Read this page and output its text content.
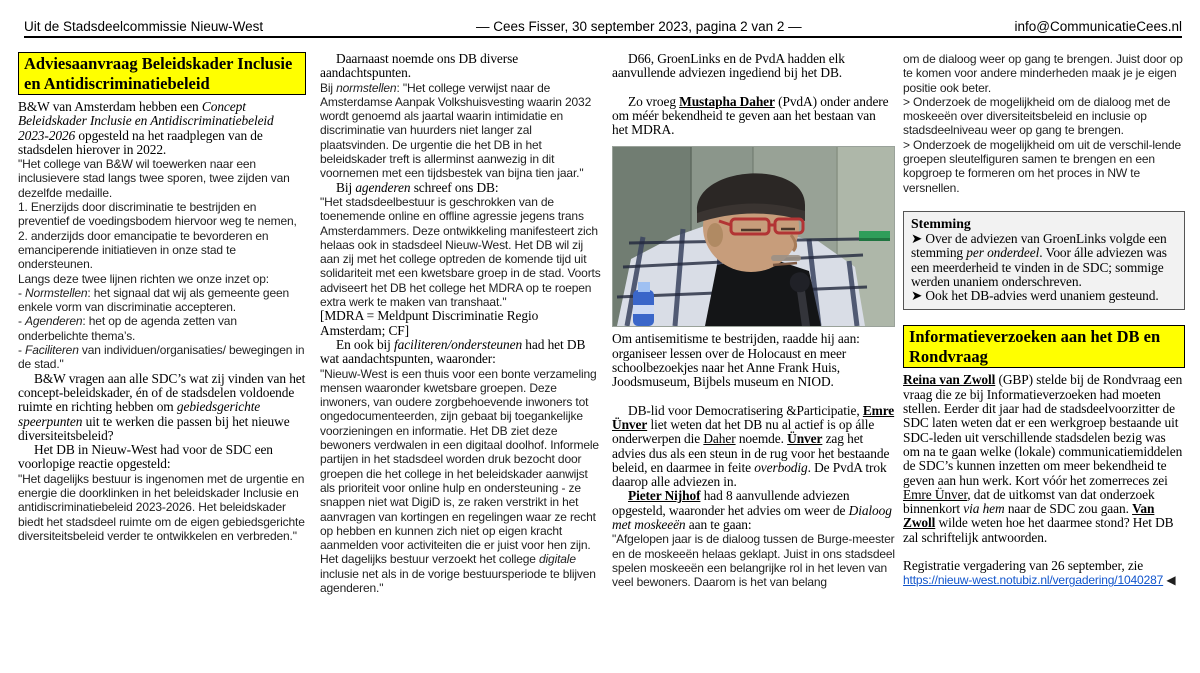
Uit de Stadsdeelcommissie Nieuw-West	— Cees Fisser, 30 september 2023, pagina 2 van 2 —	info@CommunicatieCees.nl
Adviesaanvraag Beleidskader Inclusie en Antidiscriminatiebeleid

B&W van Amsterdam hebben een Concept Beleidskader Inclusie en Antidiscriminatiebeleid 2023-2026 opgesteld na het raadplegen van de stadsdelen hierover in 2022.

"Het college van B&W wil toewerken naar een inclusievere stad langs twee sporen, twee zijden van dezelfde medaille.

1. Enerzijds door discriminatie te bestrijden en preventief de voedingsbodem hiervoor weg te nemen,

2. anderzijds door emancipatie te bevorderen en emanciperende initiatieven in onze stad te ondersteunen.

Langs deze twee lijnen richten we onze inzet op:

- Normstellen: het signaal dat wij als gemeente geen enkele vorm van discriminatie accepteren.

- Agenderen: het op de agenda zetten van onderbelichte thema’s.

- Faciliteren van individuen/organisaties/ bewegingen in de stad."

B&W vragen aan alle SDC’s wat zij vinden van het concept-beleidskader, én of de stadsdelen voldoende ruimte en richting hebben om gebiedsgerichte speerpunten uit te werken die passen bij het nieuwe diversiteitsbeleid?

Het DB in Nieuw-West had voor de SDC een voorlopige reactie opgesteld:

"Het dagelijks bestuur is ingenomen met de urgentie en energie die doorklinken in het beleidskader Inclusie en antidiscriminatiebeleid 2023-2026. Het beleidskader biedt het stadsdeel ruimte om de eigen gebiedsgerichte diversiteitsbeleid verder te ontwikkelen en verbreden."

Daarnaast noemde ons DB diverse aandachtspunten.

Bij normstellen: "Het college verwijst naar de Amsterdamse Aanpak Volkshuisvesting waarin 2032 wordt genoemd als jaartal waarin intimidatie en discriminatie van huurders niet langer zal plaatsvinden. De urgentie die het DB in het beleidskader treft is allerminst aanwezig in dit voornemen met een tijdsbestek van bijna tien jaar."

Bij agenderen schreef ons DB:

"Het stadsdeelbestuur is geschrokken van de toenemende online en offline agressie jegens trans Amsterdammers. Deze ontwikkeling manifesteert zich helaas ook in stadsdeel Nieuw-West. Het DB wil zij aan zij met het college optreden de komende tijd uit solidariteit met een kwetsbare groep in de stad. Voorts adviseert het DB het college het MDRA op te roepen extra werk te maken van transhaat."

[MDRA = Meldpunt Discriminatie Regio Amsterdam; CF]

En ook bij faciliteren/ondersteunen had het DB wat aandachtspunten, waaronder:

"Nieuw-West is een thuis voor een bonte verzameling mensen waaronder kwetsbare groepen. Deze inwoners, van oudere zorgbehoevende inwoners tot ongedocumenteerden, zijn gebaat bij toegankelijke voorzieningen en informatie. Het DB ziet deze bewoners verdwalen in een digitaal doolhof. Informele partijen in het stadsdeel worden druk bezocht door groepen die het college in het beleidskader aanwijst als prioriteit voor online hulp en ondersteuning - ze snappen niet wat DigiD is, ze raken verstrikt in het aanvragen van kortingen en regelingen waar ze recht op hebben en kunnen zich niet op eigen kracht aanmelden voor activiteiten die er juist voor hen zijn. Het dagelijks bestuur verzoekt het college digitale inclusie net als in de vorige bestuursperiode te blijven agenderen."

D66, GroenLinks en de PvdA hadden elk aanvullende adviezen ingediend bij het DB.

Zo vroeg Mustapha Daher (PvdA) onder andere om méér bekendheid te geven aan het bestaan van het MDRA.

Om antisemitisme te bestrijden, raadde hij aan: organiseer lessen over de Holocaust en meer schoolbezoekjes naar het Anne Frank Huis, Joodsmuseum, Bijbels museum en NIOD.

DB-lid voor Democratisering &Participatie, Emre Ünver liet weten dat het DB nu al actief is op álle onderwerpen die Daher noemde. Ünver zag het advies dus als een steun in de rug voor het bestaande beleid, en daarmee in feite overbodig. De PvdA trok daarop alle adviezen in.

Pieter Nijhof had 8 aanvullende adviezen opgesteld, waaronder het advies om weer de Dialoog met moskeeën aan te gaan:

"Afgelopen jaar is de dialoog tussen de Burge-meester en de moskeeën helaas geklapt. Juist in ons stadsdeel spelen moskeeën een belangrijke rol in het leven van veel bewoners. Daarom is het van belang

om de dialoog weer op gang te brengen. Juist door op te komen voor andere minderheden maak je je eigen positie ook beter.

> Onderzoek de mogelijkheid om de dialoog met de moskeeën over diversiteitsbeleid en inclusie op stadsdeelniveau weer op gang te brengen.

> Onderzoek de mogelijkheid om uit de verschil-lende groepen sleutelfiguren samen te brengen en een kopgroep te formeren om het proces in NW te versnellen.

Stemming

➤ Over de adviezen van GroenLinks volgde een stemming per onderdeel. Voor álle adviezen was een meerderheid te vinden in de SDC; sommige werden unaniem onderschreven.

➤ Ook het DB-advies werd unaniem gesteund.

Informatieverzoeken aan het DB en Rondvraag

Reina van Zwoll (GBP) stelde bij de Rondvraag een vraag die ze bij Informatieverzoeken had moeten stellen. Eerder dit jaar had de stadsdeelvoorzitter de SDC laten weten dat er een werkgroep bestaande uit SDC-leden uit verschillende stadsdelen bezig was om na te gaan welke (lokale) communicatiemiddelen de SDC’s kunnen inzetten om meer bekendheid te geven aan hun werk. Kort vóór het zomerreces zei Emre Ünver, dat de uitkomst van dat onderzoek binnenkort via hem naar de SDC zou gaan. Van Zwoll wilde weten hoe het daarmee stond? Het DB zal schriftelijk antwoorden.

Registratie vergadering van 26 september, zie

https://nieuw-west.notubiz.nl/vergadering/1040287 ◀
